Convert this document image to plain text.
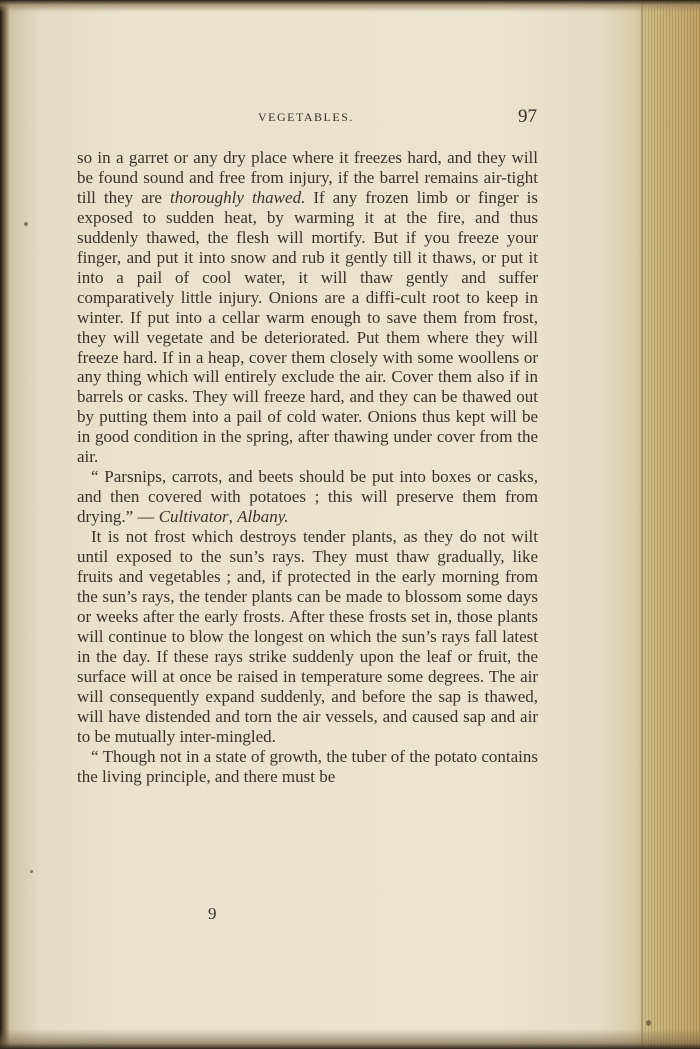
VEGETABLES.	97

so in a garret or any dry place where it freezes hard, and they will be found sound and free from injury, if the barrel remains air-tight till they are thoroughly thawed. If any frozen limb or finger is exposed to sudden heat, by warming it at the fire, and thus suddenly thawed, the flesh will mortify. But if you freeze your finger, and put it into snow and rub it gently till it thaws, or put it into a pail of cool water, it will thaw gently and suffer comparatively little injury. Onions are a diffi-cult root to keep in winter. If put into a cellar warm enough to save them from frost, they will vegetate and be deteriorated. Put them where they will freeze hard. If in a heap, cover them closely with some woollens or any thing which will entirely exclude the air. Cover them also if in barrels or casks. They will freeze hard, and they can be thawed out by putting them into a pail of cold water. Onions thus kept will be in good condition in the spring, after thawing under cover from the air.

“ Parsnips, carrots, and beets should be put into boxes or casks, and then covered with potatoes ; this will preserve them from drying.” — Cultivator, Albany.

It is not frost which destroys tender plants, as they do not wilt until exposed to the sun’s rays. They must thaw gradually, like fruits and vegetables ; and, if protected in the early morning from the sun’s rays, the tender plants can be made to blossom some days or weeks after the early frosts. After these frosts set in, those plants will continue to blow the longest on which the sun’s rays fall latest in the day. If these rays strike suddenly upon the leaf or fruit, the surface will at once be raised in temperature some degrees. The air will consequently expand suddenly, and before the sap is thawed, will have distended and torn the air vessels, and caused sap and air to be mutually inter-mingled.

“ Though not in a state of growth, the tuber of the potato contains the living principle, and there must be

9
